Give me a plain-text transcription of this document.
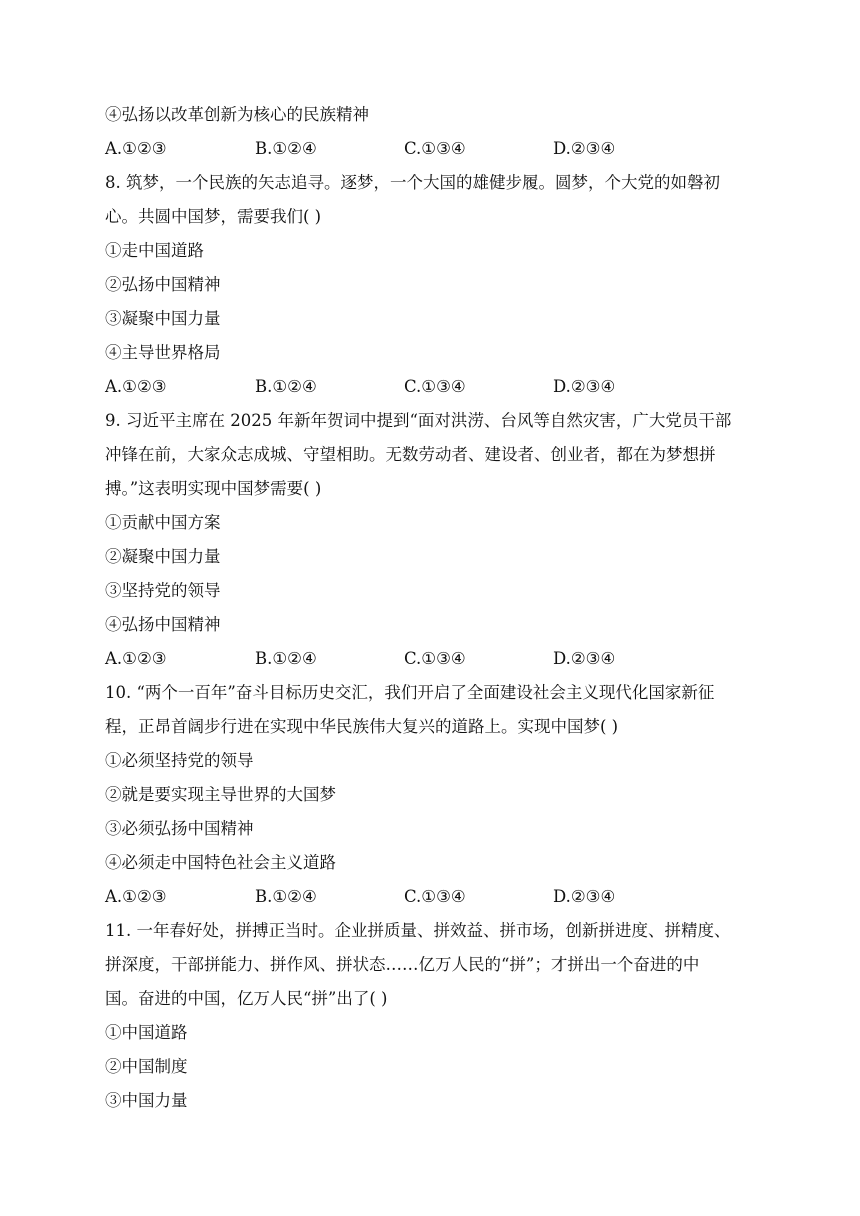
④弘扬以改革创新为核心的民族精神
A.①②③	B.①②④	C.①③④	D.②③④
8. 筑梦，一个民族的矢志追寻。逐梦，一个大国的雄健步履。圆梦，个大党的如磐初
心。共圆中国梦，需要我们( )
①走中国道路
②弘扬中国精神
③凝聚中国力量
④主导世界格局
A.①②③	B.①②④	C.①③④	D.②③④
9. 习近平主席在 2025 年新年贺词中提到“面对洪涝、台风等自然灾害，广大党员干部
冲锋在前，大家众志成城、守望相助。无数劳动者、建设者、创业者，都在为梦想拼
搏。”这表明实现中国梦需要( )
①贡献中国方案
②凝聚中国力量
③坚持党的领导
④弘扬中国精神
A.①②③	B.①②④	C.①③④	D.②③④
10. “两个一百年”奋斗目标历史交汇，我们开启了全面建设社会主义现代化国家新征
程，正昂首阔步行进在实现中华民族伟大复兴的道路上。实现中国梦( )
①必须坚持党的领导
②就是要实现主导世界的大国梦
③必须弘扬中国精神
④必须走中国特色社会主义道路
A.①②③	B.①②④	C.①③④	D.②③④
11. 一年春好处，拼搏正当时。企业拼质量、拼效益、拼市场，创新拼进度、拼精度、
拼深度，干部拼能力、拼作风、拼状态……亿万人民的“拼”；才拼出一个奋进的中
国。奋进的中国，亿万人民“拼”出了( )
①中国道路
②中国制度
③中国力量
